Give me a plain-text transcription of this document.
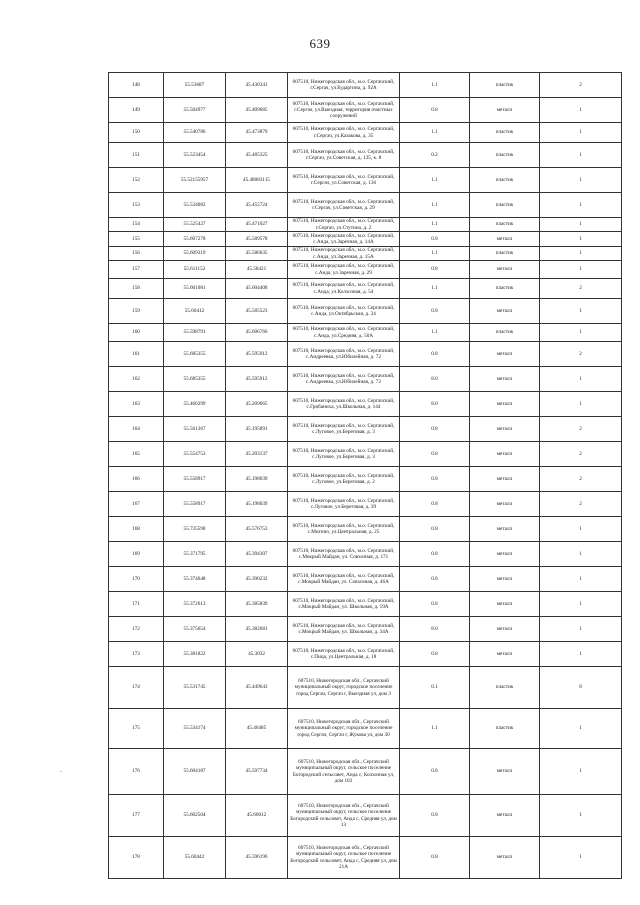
639
148	55.53687	45.430341	607510, Нижегородская обл., м.о. Сергачский, г.Сергач, ул.Бударгина, д. 92А	1.1	пластик	2
149	55.504977	45.409685	607510, Нижегородская обл., м.о. Сергачский, г.Сергач, ул.Выездная, территория очистных сооружений	0.8	металл	1
150	55.540786	45.473879	607510, Нижегородская обл., м.о. Сергачский, г.Сергач, ул.Казакова, д. 35	1.1	пластик	1
151	55.523454	45.485325	607510, Нижегородская обл., м.о. Сергачский, г.Сергач, ул.Советская, д. 135, к. 8	0.2	пластик	1
152	55.52155957	45.48083115	607510, Нижегородская обл., м.о. Сергачский, г.Сергач, ул.Советская, д. 136	1.1	пластик	1
153	55.534082	45.455724	607510, Нижегородская обл., м.о. Сергачский, г.Сергач, ул.Советская, д. 29	1.1	пластик	1
154	55.525427	45.471027	607510, Нижегородская обл., м.о. Сергачский, г.Сергач, ул.Стутина, д. 2	1.1	пластик	1
155	55.607278	45.589578	607510, Нижегородская обл., м.о. Сергачский, с.Анда, ул.Заречная, д. 14А	0.8	металл	1
156	55.609319	45.586635	607510, Нижегородская обл., м.о. Сергачский, с.Анда, ул.Заречная, д. 15А	1.1	пластик	1
157	55.611152	45.58421	607510, Нижегородская обл., м.о. Сергачский, с.Анда, ул.Заречная, д. 29	0.8	металл	1
158	55.601081	45.604408	607510, Нижегородская обл., м.о. Сергачский, с.Анда, ул.Колхозная, д. 54	1.1	пластик	2
159	55.60412	45.585523	607510, Нижегородская обл., м.о. Сергачский, с.Анда, ул.Октябрьская, д. 34	0.8	металл	1
160	55.598791	45.606766	607510, Нижегородская обл., м.о. Сергачский, с.Анда, ул.Средняя, д. 50А	1.1	пластик	1
161	55.685355	45.595912	607510, Нижегородская обл., м.о. Сергачский, с.Андреевка, ул.Юбилейная, д. 72	0.8	металл	2
162	55.685355	45.595912	607510, Нижегородская обл., м.о. Сергачский, с.Андреевка, ул.Юбилейная, д. 72	8.0	металл	1
163	55.466299	45.209665	607510, Нижегородская обл., м.о. Сергачский, с.Грибанихa, ул.Школьная, д. 144	8.0	металл	1
164	55.561367	45.195891	607510, Нижегородская обл., м.о. Сергачский, с.Луговое, ул.Береговая, д. 3	0.8	металл	2
165	55.554753	45.203137	607510, Нижегородская обл., м.о. Сергачский, с.Луговое, ул.Береговая, д. 3	0.8	металл	2
166	55.558917	45.198039	607510, Нижегородская обл., м.о. Сергачский, с.Луговое, ул.Береговая, д. 2	0.8	металл	2
167	55.558917	45.198039	607510, Нижегородская обл., м.о. Сергачский, с.Луговое, ул.Береговая, д. 39	0.8	металл	2
168	55.735598	45.576753	607510, Нижегородская обл., м.о. Сергачский, с.Мигино, ул.Центральная, д. 25	0.8	металл	1
169	55.371795	45.394307	607510, Нижегородская обл., м.о. Сергачский, с.Мокрый Майдан, ул. Совхозная, д. 171	0.8	металл	1
170	55.374648	45.390232	607510, Нижегородская обл., м.о. Сергачский, с.Мокрый Майдан, ул. Совхозная, д. 46А	0.8	металл	1
171	55.372613	45.385839	607510, Нижегородская обл., м.о. Сергачский, с.Мокрый Майдан, ул. Школьная, д. 19А	0.8	металл	1
172	55.375654	45.382681	607510, Нижегородская обл., м.о. Сергачский, с.Мокрый Майдан, ул. Школьная, д. 34А	8.0	металл	1
173	55.381822	45.3032	607510, Нижегородская обл., м.о. Сергачский, с.Пица, ул.Центральная, д. 18	0.8	металл	1
174	55.531745	45.449643	607510, Нижегородская обл., Сергачский муниципальный округ, городское поселение город Сергач, Сергач г, Выездная ул, дом 3	0.1	пластик	8
175	55.534174	45.46485	607510, Нижегородская обл., Сергачский муниципальный округ, городское поселение город Сергач, Сергач г, Жукова ул, дом 30	1.1	пластик	1
176	55.604187	45.597734	607510, Нижегородская обл., Сергачский муниципальный округ, сельское поселение Богородский сельсовет, Анда с, Колхозная ул, дом 103	0.8	металл	1
177	55.602504	45.60012	607510, Нижегородская обл., Сергачский муниципальный округ, сельское поселение Богородский сельсовет, Анда с, Средняя ул, дом 13	0.8	металл	1
178	55.60442	45.596196	607510, Нижегородская обл., Сергачский муниципальный округ, сельское поселение Богородский сельсовет, Анда с, Средняя ул, дом 21А	0.8	металл	1
-
